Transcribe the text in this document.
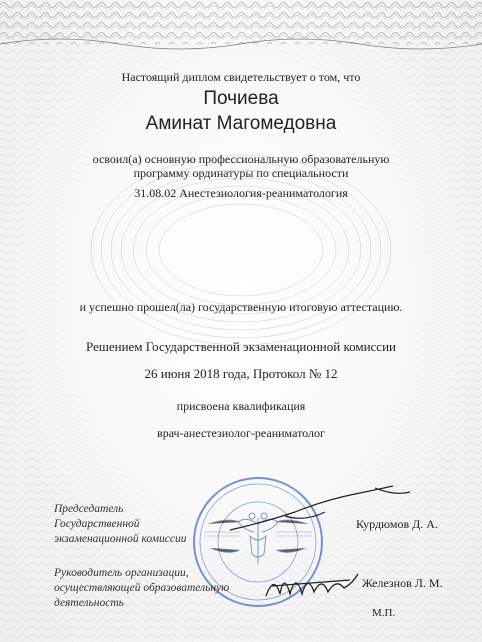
Настоящий диплом свидетельствует о том, что
Почиева
Аминат Магомедовна
освоил(а) основную профессиональную образовательную
программу ординатуры по специальности
31.08.02 Анестезиология-реаниматология
и успешно прошел(ла) государственную итоговую аттестацию.
Решением Государственной экзаменационной комиссии
26 июня 2018 года, Протокол № 12
присвоена квалификация
врач-анестезиолог-реаниматолог
Председатель
Государственной
экзаменационной комиссии
Курдюмов Д. А.
Руководитель организации,
осуществляющей образовательную
деятельность
Железнов Л. М.
М.П.
